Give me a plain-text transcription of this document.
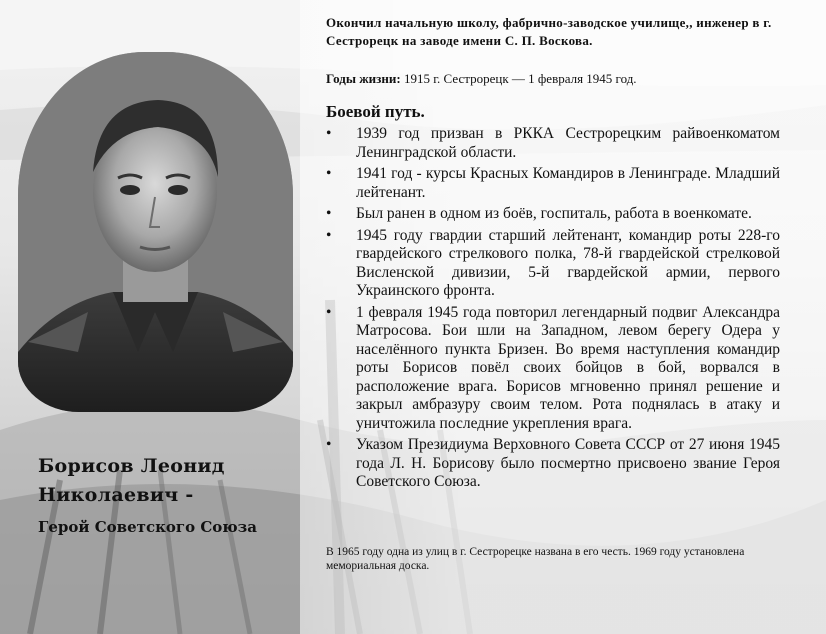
Окончил начальную школу, фабрично-заводское училище,, инженер в г. Сестрорецк на заводе имени С. П. Воскова.
Годы жизни: 1915 г. Сестрорецк — 1 февраля 1945 год.
Боевой путь.
• 1939 год призван в РККА Сестрорецким райвоенкоматом Ленинградской области.
• 1941 год - курсы Красных Командиров в Ленинграде. Младший лейтенант.
• Был ранен в одном из боёв, госпиталь, работа в военкомате.
• 1945 году гвардии старший лейтенант, командир роты 228-го гвардейского стрелкового полка, 78-й гвардейской стрелковой Висленской дивизии, 5-й гвардейской армии, первого Украинского фронта.
• 1 февраля 1945 года повторил легендарный подвиг Александра Матросова. Бои шли на Западном, левом берегу Одера у населённого пункта Бризен. Во время наступления командир роты Борисов повёл своих бойцов в бой, ворвался в расположение врага. Борисов мгновенно принял решение и закрыл амбразуру своим телом. Рота поднялась в атаку и уничтожила последние укрепления врага.
• Указом Президиума Верховного Совета СССР от 27 июня 1945 года Л. Н. Борисову было посмертно присвоено звание Героя Советского Союза.
Борисов Леонид
Николаевич -
Герой Советского Союза
В 1965 году одна из улиц в г. Сестрорецке названа в его честь. 1969 году установлена мемориальная доска.
